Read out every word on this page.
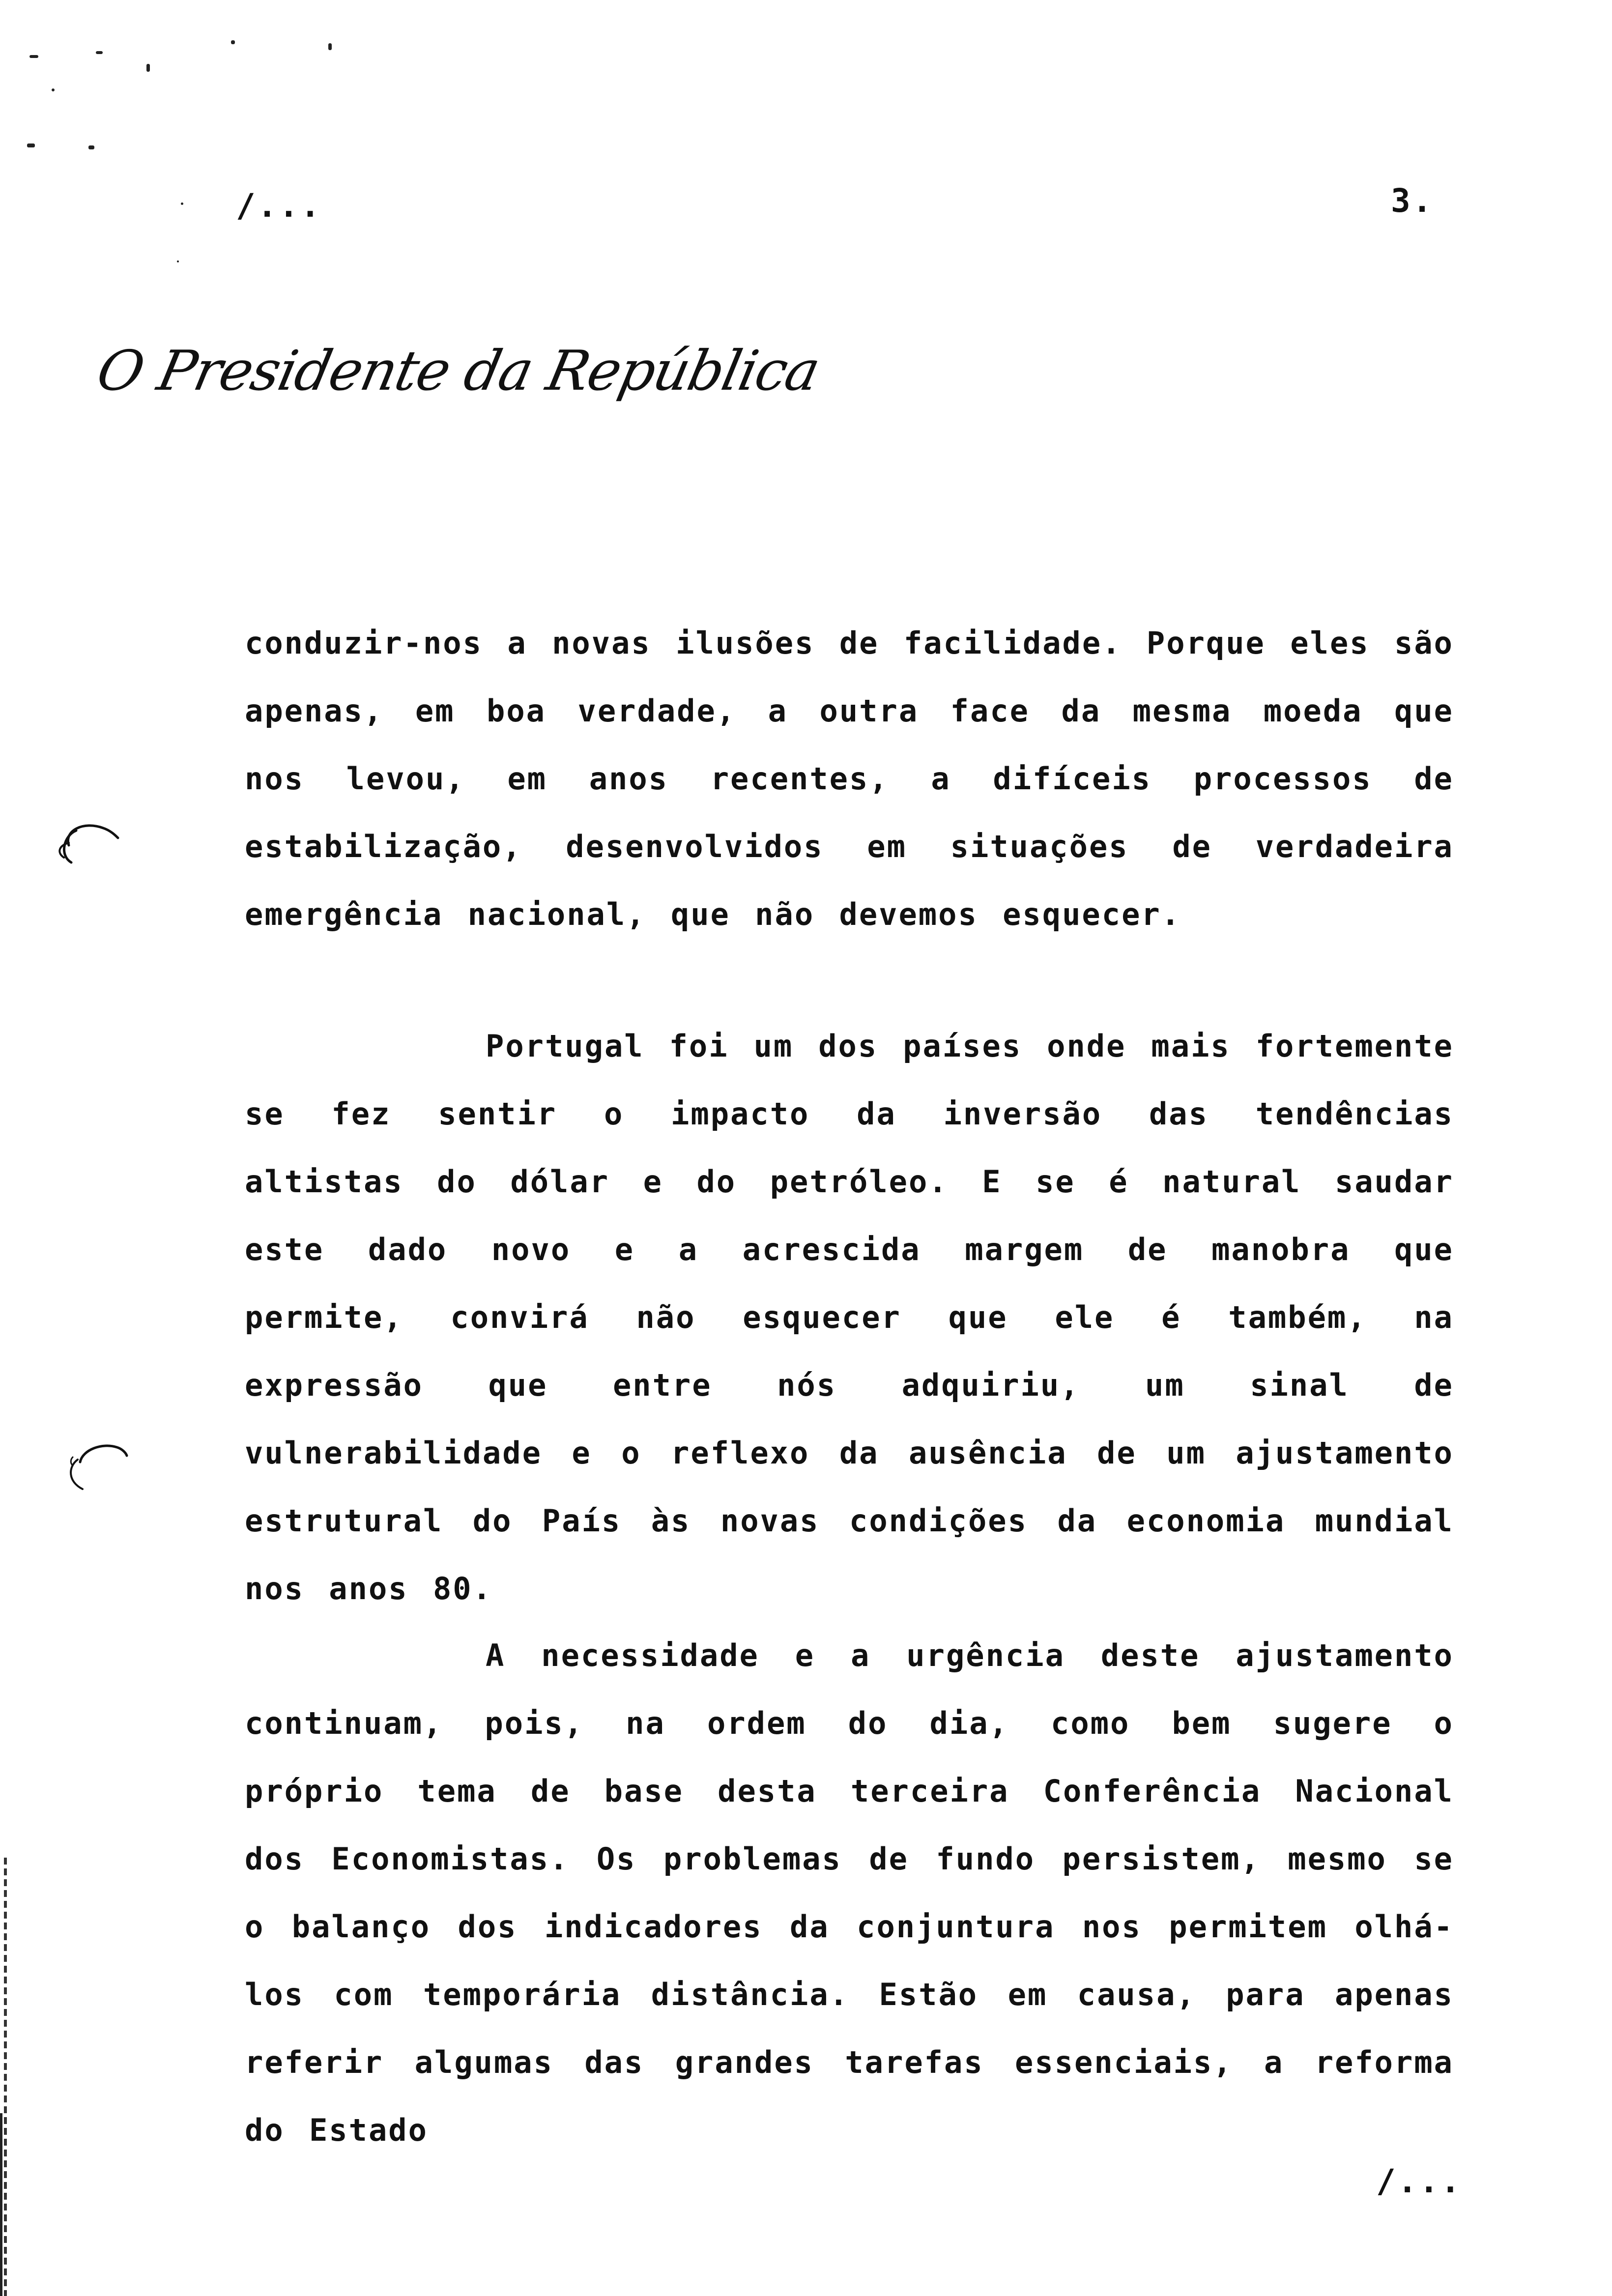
/...	3.
O Presidente da República

conduzir-nos a novas ilusões de facilidade. Porque eles são apenas, em boa verdade, a outra face da mesma moeda que nos levou, em anos recentes, a difíceis processos de estabilização, desenvolvidos em situações de verdadeira emergência nacional, que não devemos esquecer.

Portugal foi um dos países onde mais fortemente se fez sentir o impacto da inversão das tendências altistas do dólar e do petróleo. E se é natural saudar este dado novo e a acrescida margem de manobra que permite, convirá não esquecer que ele é também, na expressão que entre nós adquiriu, um sinal de vulnerabilidade e o reflexo da ausência de um ajustamento estrutural do País às novas condições da economia mundial nos anos 80.

A necessidade e a urgência deste ajustamento continuam, pois, na ordem do dia, como bem sugere o próprio tema de base desta terceira Conferência Nacional dos Economistas. Os problemas de fundo persistem, mesmo se o balanço dos indicadores da conjuntura nos permitem olhá-los com temporária distância. Estão em causa, para apenas referir algumas das grandes tarefas essenciais, a reforma do Estado

/...
